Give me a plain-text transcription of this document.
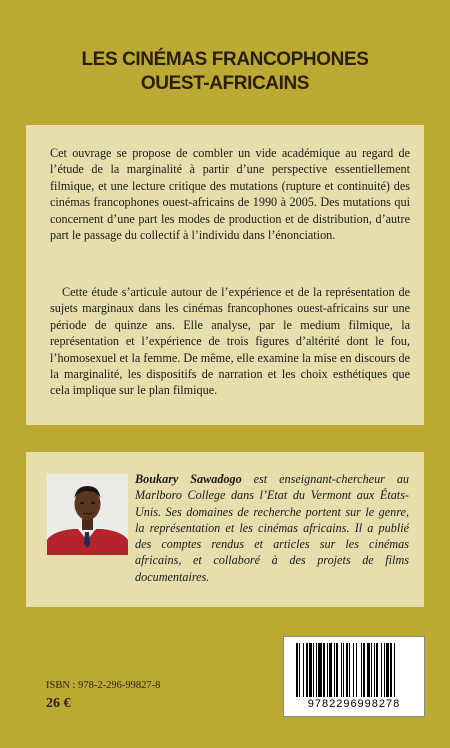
LES CINÉMAS FRANCOPHONES
OUEST-AFRICAINS
Cet ouvrage se propose de combler un vide académique au regard de l’étude de la marginalité à partir d’une perspective essentiellement filmique, et une lecture critique des mutations (rupture et continuité) des cinémas francophones ouest-africains de 1990 à 2005. Des mutations qui concernent d’une part les modes de production et de distribution, d’autre part le passage du collectif à l’individu dans l’énonciation.
Cette étude s’articule autour de l’expérience et de la représentation de sujets marginaux dans les cinémas francophones ouest-africains sur une période de quinze ans. Elle analyse, par le medium filmique, la représentation et l’expérience de trois figures d’altérité dont le fou, l’homosexuel et la femme. De même, elle examine la mise en discours de la marginalité, les dispositifs de narration et les choix esthétiques que cela implique sur le plan filmique.
Boukary Sawadogo est enseignant-chercheur au Marlboro College dans l’Etat du Vermont aux États-Unis. Ses domaines de recherche portent sur le genre, la représentation et les cinémas africains. Il a publié des comptes rendus et articles sur les cinémas africains, et collaboré à des projets de films documentaires.
ISBN : 978-2-296-99827-8
26 €	9782296998278
